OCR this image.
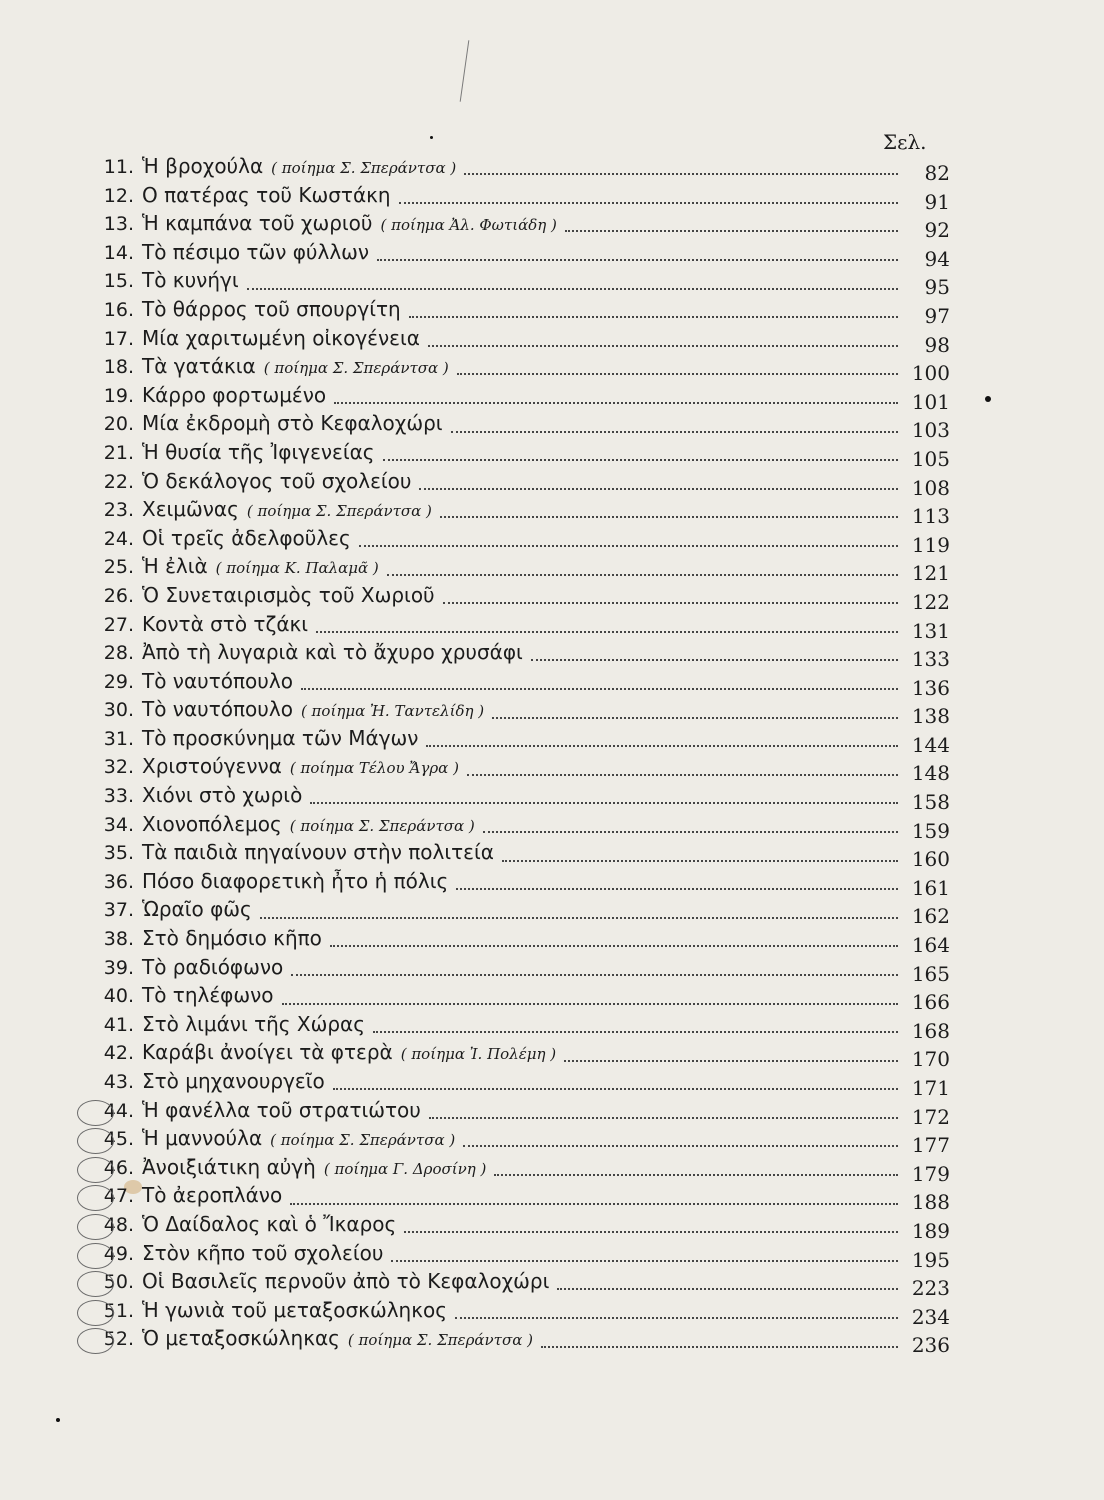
Σελ.
11. Ἡ βροχούλα ( ποίημα Σ. Σπεράντσα )	82
12. Ο πατέρας τοῦ Κωστάκη	91
13. Ἡ καμπάνα τοῦ χωριοῦ ( ποίημα Ἀλ. Φωτιάδη )	92
14. Τὸ πέσιμο τῶν φύλλων	94
15. Τὸ κυνήγι	95
16. Τὸ θάρρος τοῦ σπουργίτη	97
17. Μία χαριτωμένη οἰκογένεια	98
18. Τὰ γατάκια ( ποίημα Σ. Σπεράντσα )	100
19. Κάρρο φορτωμένο	101
20. Μία ἐκδρομὴ στὸ Κεφαλοχώρι	103
21. Ἡ θυσία τῆς Ἰφιγενείας	105
22. Ὁ δεκάλογος τοῦ σχολείου	108
23. Χειμῶνας ( ποίημα Σ. Σπεράντσα )	113
24. Οἱ τρεῖς ἀδελφοῦλες	119
25. Ἡ ἐλιὰ ( ποίημα Κ. Παλαμᾶ )	121
26. Ὁ Συνεταιρισμὸς τοῦ Χωριοῦ	122
27. Κοντὰ στὸ τζάκι	131
28. Ἀπὸ τὴ λυγαριὰ καὶ τὸ ἄχυρο χρυσάφι	133
29. Τὸ ναυτόπουλο	136
30. Τὸ ναυτόπουλο ( ποίημα Ἠ. Ταντελίδη )	138
31. Τὸ προσκύνημα τῶν Μάγων	144
32. Χριστούγεννα ( ποίημα Τέλου Ἄγρα )	148
33. Χιόνι στὸ χωριὸ	158
34. Χιονοπόλεμος ( ποίημα Σ. Σπεράντσα )	159
35. Τὰ παιδιὰ πηγαίνουν στὴν πολιτεία	160
36. Πόσο διαφορετικὴ ἦτο ἡ πόλις	161
37. Ὡραῖο φῶς	162
38. Στὸ δημόσιο κῆπο	164
39. Τὸ ραδιόφωνο	165
40. Τὸ τηλέφωνο	166
41. Στὸ λιμάνι τῆς Χώρας	168
42. Καράβι ἀνοίγει τὰ φτερὰ ( ποίημα Ἰ. Πολέμη )	170
43. Στὸ μηχανουργεῖο	171
44. Ἡ φανέλλα τοῦ στρατιώτου	172
45. Ἡ μαννούλα ( ποίημα Σ. Σπεράντσα )	177
46. Ἀνοιξιάτικη αὐγὴ ( ποίημα Γ. Δροσίνη )	179
47. Τὸ ἀεροπλάνο	188
48. Ὁ Δαίδαλος καὶ ὁ Ἴκαρος	189
49. Στὸν κῆπο τοῦ σχολείου	195
50. Οἱ Βασιλεῖς περνοῦν ἀπὸ τὸ Κεφαλοχώρι	223
51. Ἡ γωνιὰ τοῦ μεταξοσκώληκος	234
52. Ὁ μεταξοσκώληκας ( ποίημα Σ. Σπεράντσα )	236
